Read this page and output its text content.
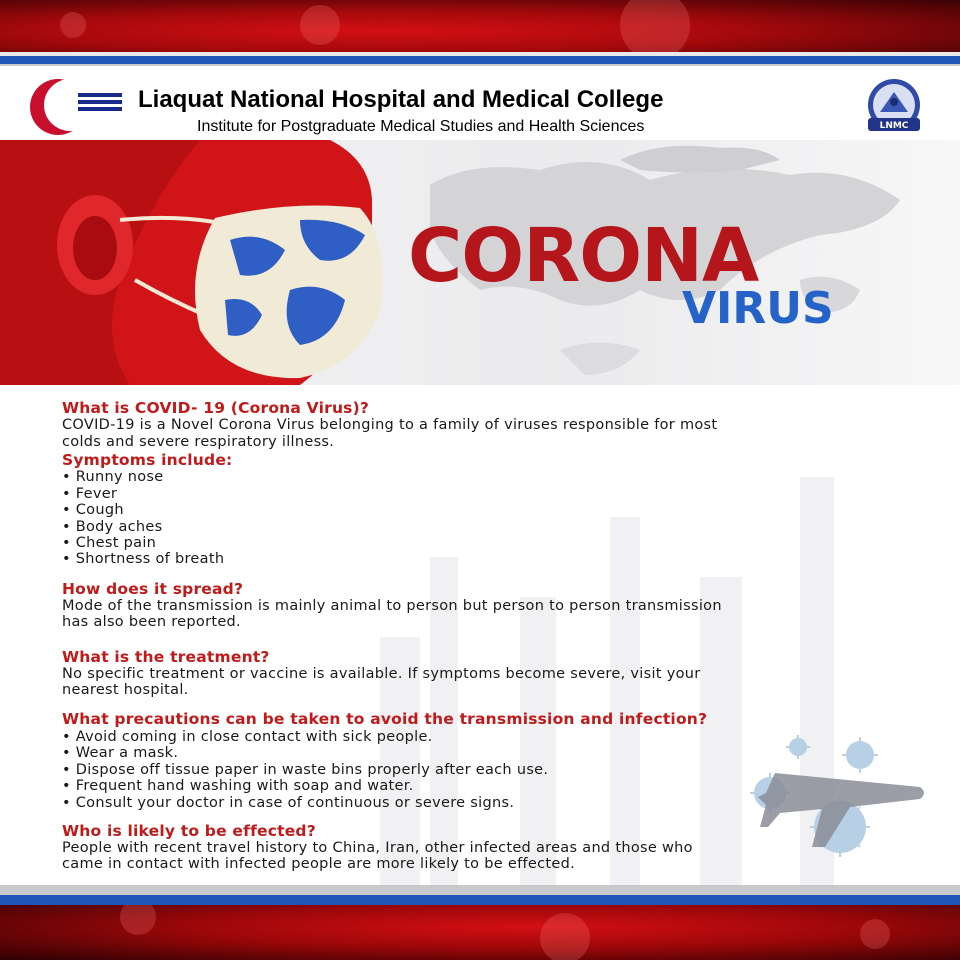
Liaquat National Hospital and Medical College
Institute for Postgraduate Medical Studies and Health Sciences	LNMC
CORONA
VIRUS
What is COVID- 19 (Corona Virus)?
COVID-19 is a Novel Corona Virus belonging to a family of viruses responsible for most
colds and severe respiratory illness.
Symptoms include:
• Runny nose
• Fever
• Cough
• Body aches
• Chest pain
• Shortness of breath
How does it spread?
Mode of the transmission is mainly animal to person but person to person transmission
has also been reported.
What is the treatment?
No specific treatment or vaccine is available. If symptoms become severe, visit your
nearest hospital.
What precautions can be taken to avoid the transmission and infection?
• Avoid coming in close contact with sick people.
• Wear a mask.
• Dispose off tissue paper in waste bins properly after each use.
• Frequent hand washing with soap and water.
• Consult your doctor in case of continuous or severe signs.
Who is likely to be effected?
People with recent travel history to China, Iran, other infected areas and those who
came in contact with infected people are more likely to be effected.
